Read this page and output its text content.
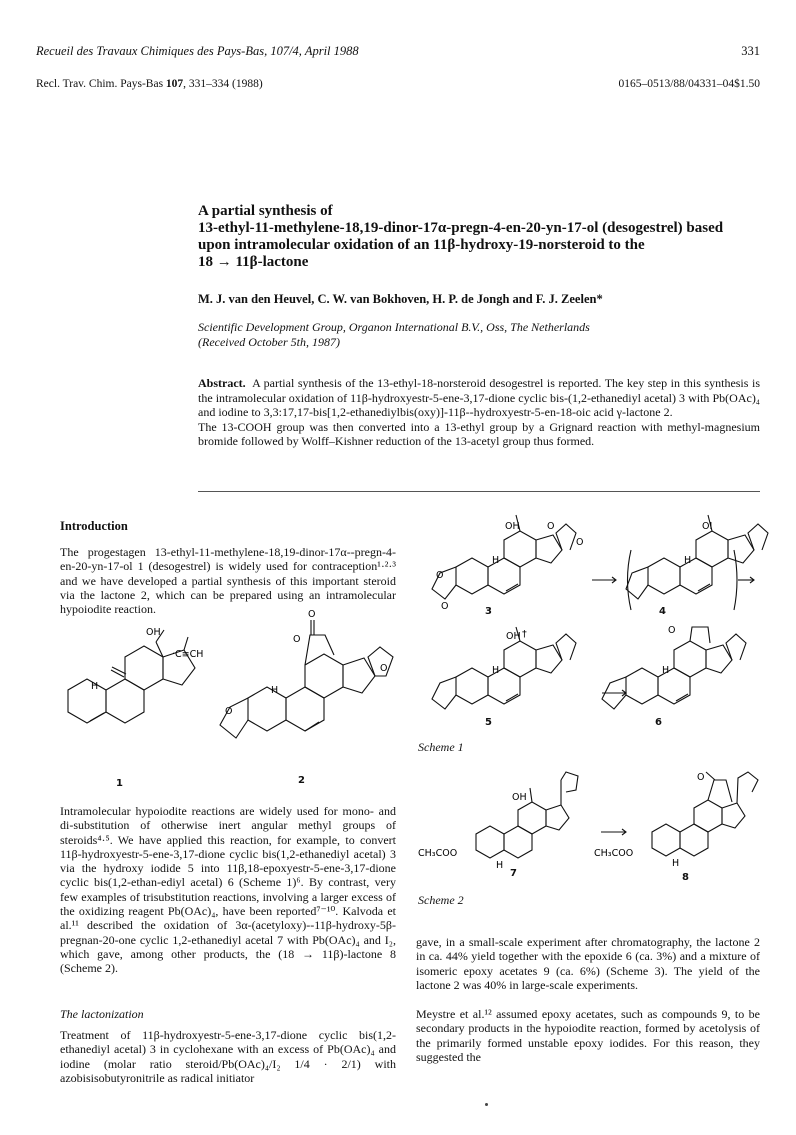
Recueil des Travaux Chimiques des Pays-Bas, 107/4, April 1988	331
Recl. Trav. Chim. Pays-Bas 107, 331–334 (1988)	0165–0513/88/04331–04$1.50
A partial synthesis of
13-ethyl-11-methylene-18,19-dinor-17α-pregn-4-en-20-yn-17-ol (desogestrel) based
upon intramolecular oxidation of an 11β-hydroxy-19-norsteroid to the
18 → 11β-lactone
M. J. van den Heuvel, C. W. van Bokhoven, H. P. de Jongh and F. J. Zeelen*
Scientific Development Group, Organon International B.V., Oss, The Netherlands
(Received October 5th, 1987)

Abstract. A partial synthesis of the 13-ethyl-18-norsteroid desogestrel is reported. The key step in this synthesis is the intramolecular oxidation of 11β-hydroxyestr-5-ene-3,17-dione cyclic bis-(1,2-ethanediyl acetal) 3 with Pb(OAc)₄ and iodine to 3,3:17,17-bis[1,2-ethanediylbis(oxy)]-11β--hydroxyestr-5-en-18-oic acid γ-lactone 2.

The 13-COOH group was then converted into a 13-ethyl group by a Grignard reaction with methyl-magnesium bromide followed by Wolff–Kishner reduction of the 13-acetyl group thus formed.

Introduction

The progestagen 13-ethyl-11-methylene-18,19-dinor-17α--pregn-4-en-20-yn-17-ol 1 (desogestrel) is widely used for contraception¹·²·³ and we have developed a partial synthesis of this important steroid via the lactone 2, which can be prepared using an intramolecular hypoiodite reaction.

H
OH
·C≡CH
O
O
H
O
O
1	2

Intramolecular hypoiodite reactions are widely used for mono- and di-substitution of otherwise inert angular methyl groups of steroids⁴·⁵. We have applied this reaction, for example, to convert 11β-hydroxyestr-5-ene-3,17-dione cyclic bis(1,2-ethanediyl acetal) 3 via the hydroxy iodide 5 into 11β,18-epoxyestr-5-ene-3,17-dione cyclic bis(1,2-ethan-ediyl acetal) 6 (Scheme 1)⁶. By contrast, very few examples of trisubstitution reactions, involving a larger excess of the oxidizing reagent Pb(OAc)₄, have been reported⁷⁻¹⁰. Kalvoda et al.¹¹ described the oxidation of 3α-(acetyloxy)--11β-hydroxy-5β-pregnan-20-one cyclic 1,2-ethanediyl acetal 7 with Pb(OAc)₄ and I₂, which gave, among other products, the (18 → 11β)-lactone 8 (Scheme 2).

The lactonization

Treatment of 11β-hydroxyestr-5-ene-3,17-dione cyclic bis(1,2-ethanediyl acetal) 3 in cyclohexane with an excess of Pb(OAc)₄ and iodine (molar ratio steroid/Pb(OAc)₄/I₂ 1/4 · 2/1) with azobisisobutyronitrile as radical initiator

OH
H
O
O
O
O
OI
H
OH †
H
O
H
3	4
5	6
Scheme 1
OH
H
CH₃COO
O
H
CH₃COO
7	8
Scheme 2

gave, in a small-scale experiment after chromatography, the lactone 2 in ca. 44% yield together with the epoxide 6 (ca. 3%) and a mixture of isomeric epoxy acetates 9 (ca. 6%) (Scheme 3). The yield of the lactone 2 was 40% in large-scale experiments.

Meystre et al.¹² assumed epoxy acetates, such as compounds 9, to be secondary products in the hypoiodite reaction, formed by acetolysis of the primarily formed unstable epoxy iodides. For this reason, they suggested the
